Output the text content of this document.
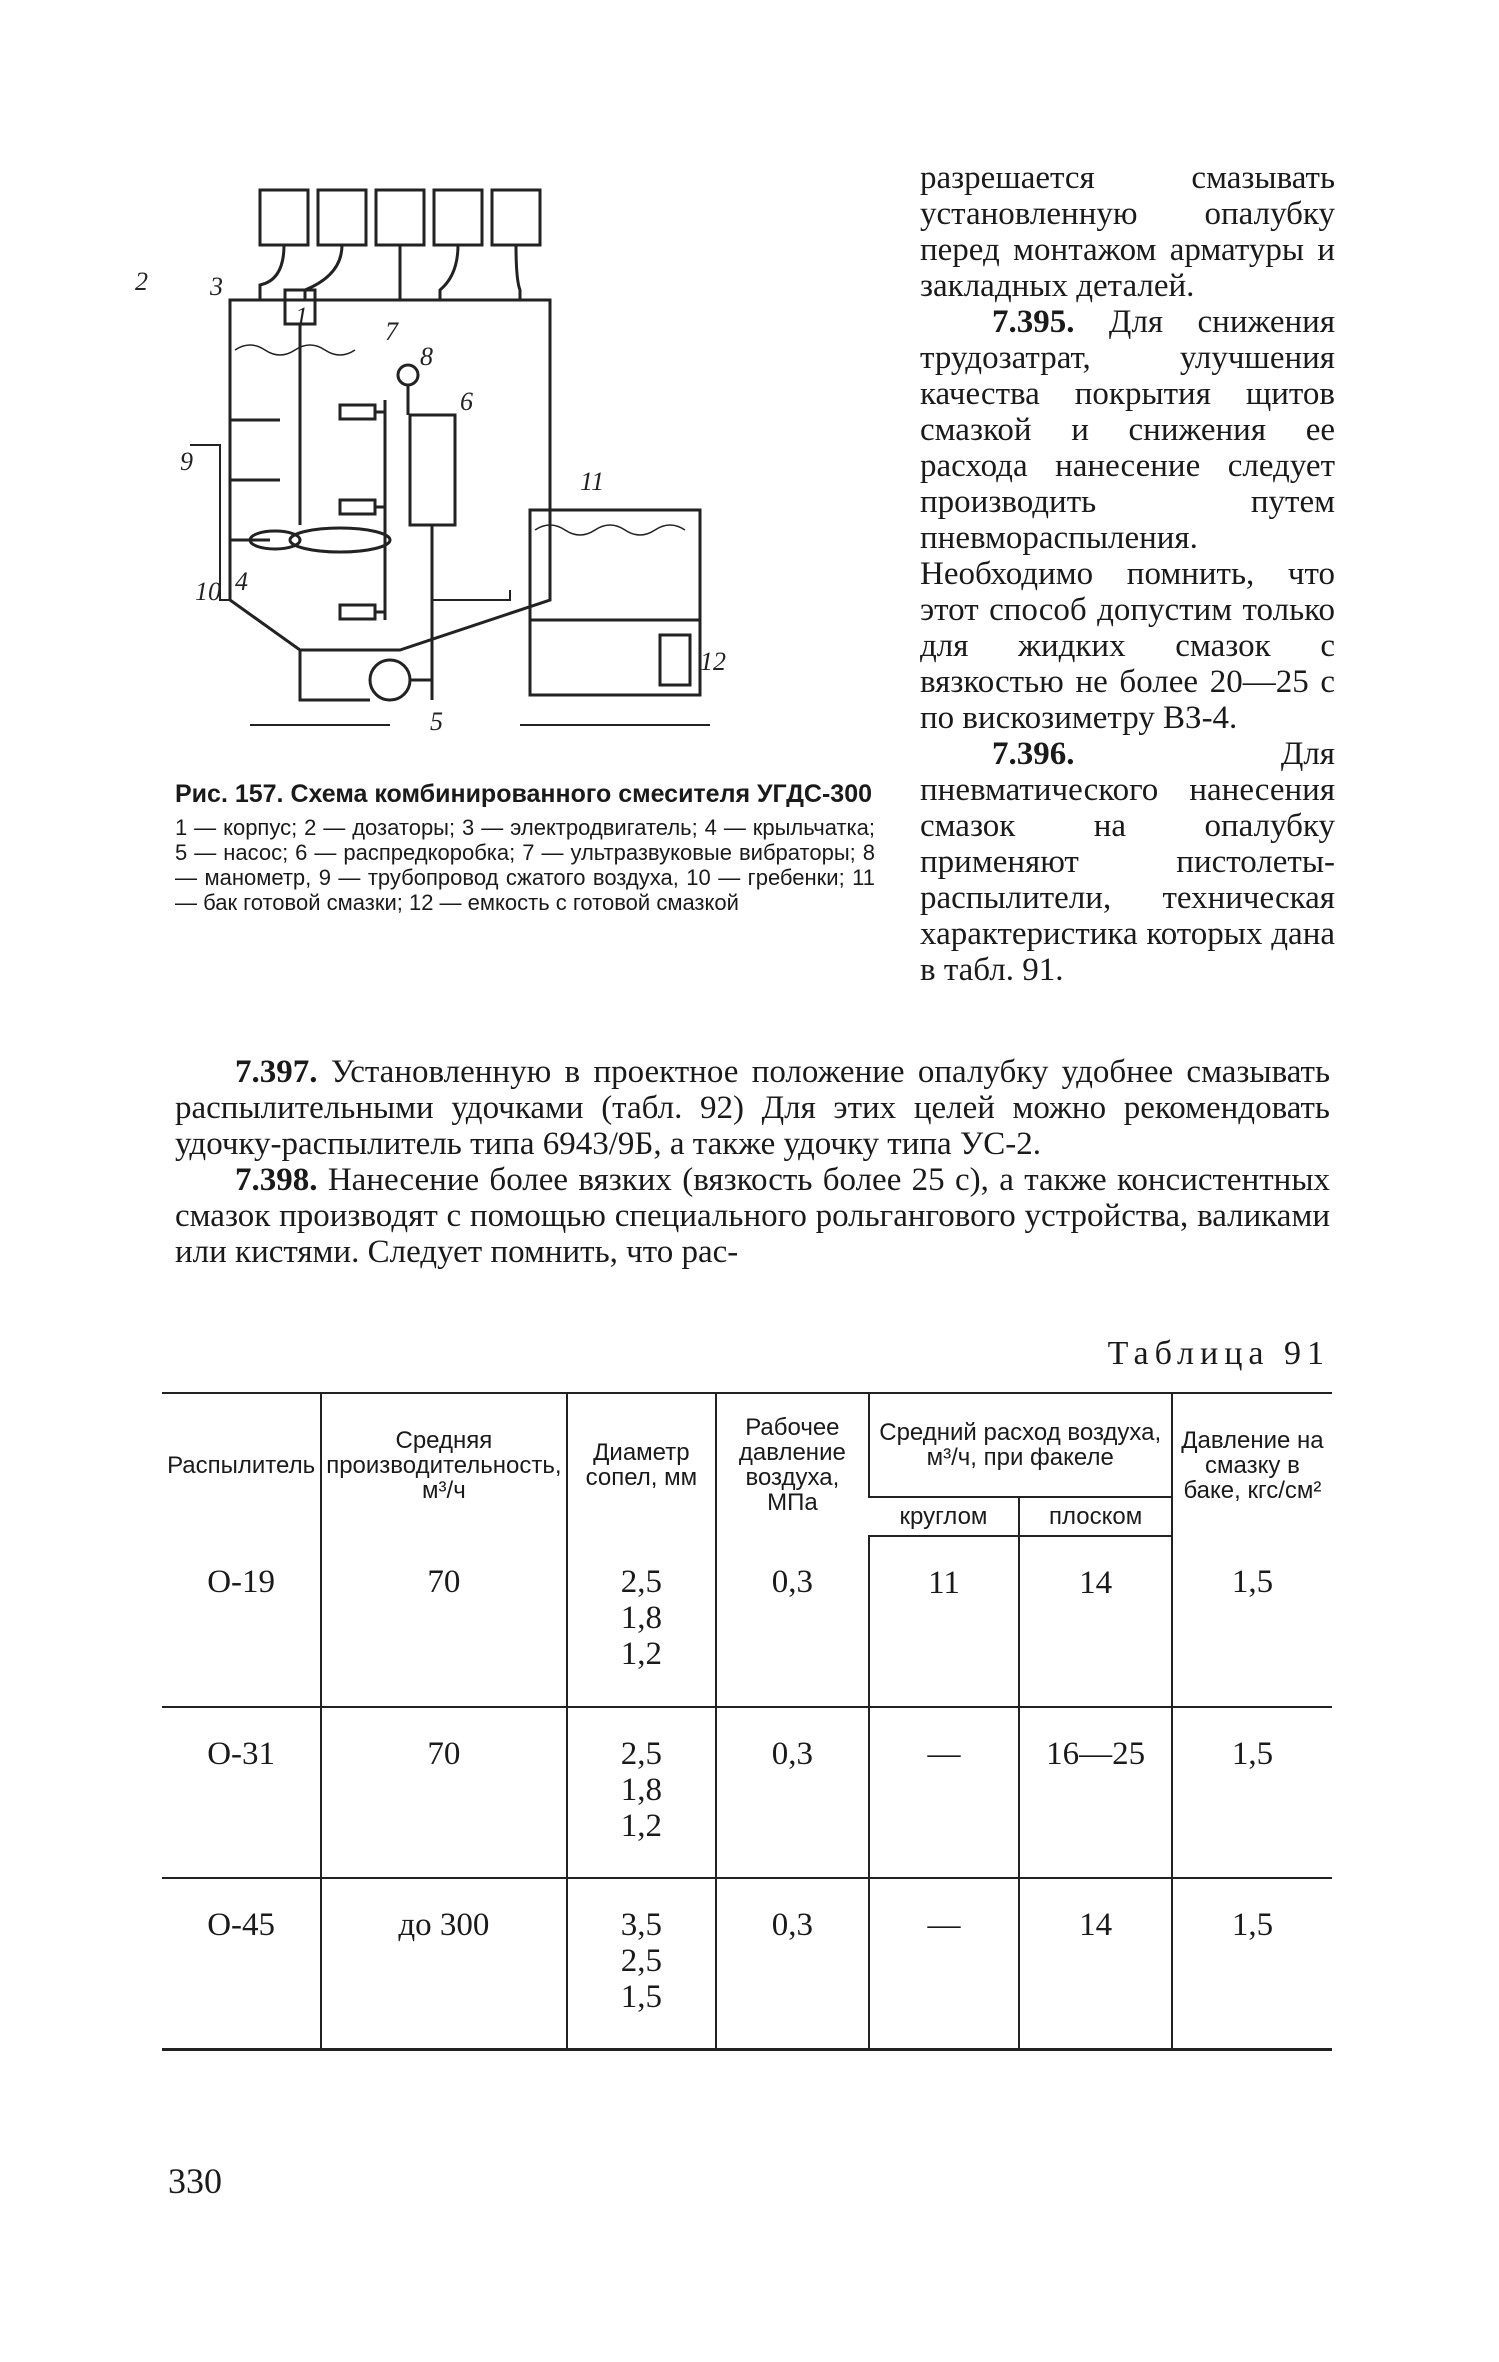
1
2 3
4
5
6
7
8
9
10
11
12
Рис. 157. Схема комбинированного смесителя УГДС-300
1 — корпус; 2 — дозаторы; 3 — электродвигатель; 4 — крыльчатка; 5 — насос; 6 — распредкоробка; 7 — ультразвуковые вибраторы; 8 — манометр, 9 — трубопровод сжатого воздуха, 10 — гребенки; 11 — бак готовой смазки; 12 — емкость с готовой смазкой

разрешается смазывать установленную опалубку перед монтажом арматуры и закладных деталей.

7.395. Для снижения трудозатрат, улучшения качества покрытия щитов смазкой и снижения ее расхода нанесение следует производить путем пневмораспыления. Необходимо помнить, что этот способ допустим только для жидких смазок с вязкостью не более 20—25 с по вискозиметру ВЗ-4.

7.396. Для пневматического нанесения смазок на опалубку применяют пистолеты-распылители, техническая характеристика которых дана в табл. 91.

7.397. Установленную в проектное положение опалубку удобнее смазывать распылительными удочками (табл. 92) Для этих целей можно рекомендовать удочку-распылитель типа 6943/9Б, а также удочку типа УС-2.

7.398. Нанесение более вязких (вязкость более 25 с), а также консистентных смазок производят с помощью специального рольгангового устройства, валиками или кистями. Следует помнить, что рас-

Таблица 91
Распылитель	Средняя производительность, м³/ч	Диаметр сопел, мм	Рабочее давление воздуха, МПа	Средний расход воздуха, м³/ч, при факеле		Давление на смазку в баке, кгс/см²
				круглом	плоском	
О-19	70	2,5
1,8
1,2	0,3	11	14	1,5
О-31	70	2,5
1,8
1,2	0,3	—	16—25	1,5
О-45	до 300	3,5
2,5
1,5	0,3	—	14	1,5
330
